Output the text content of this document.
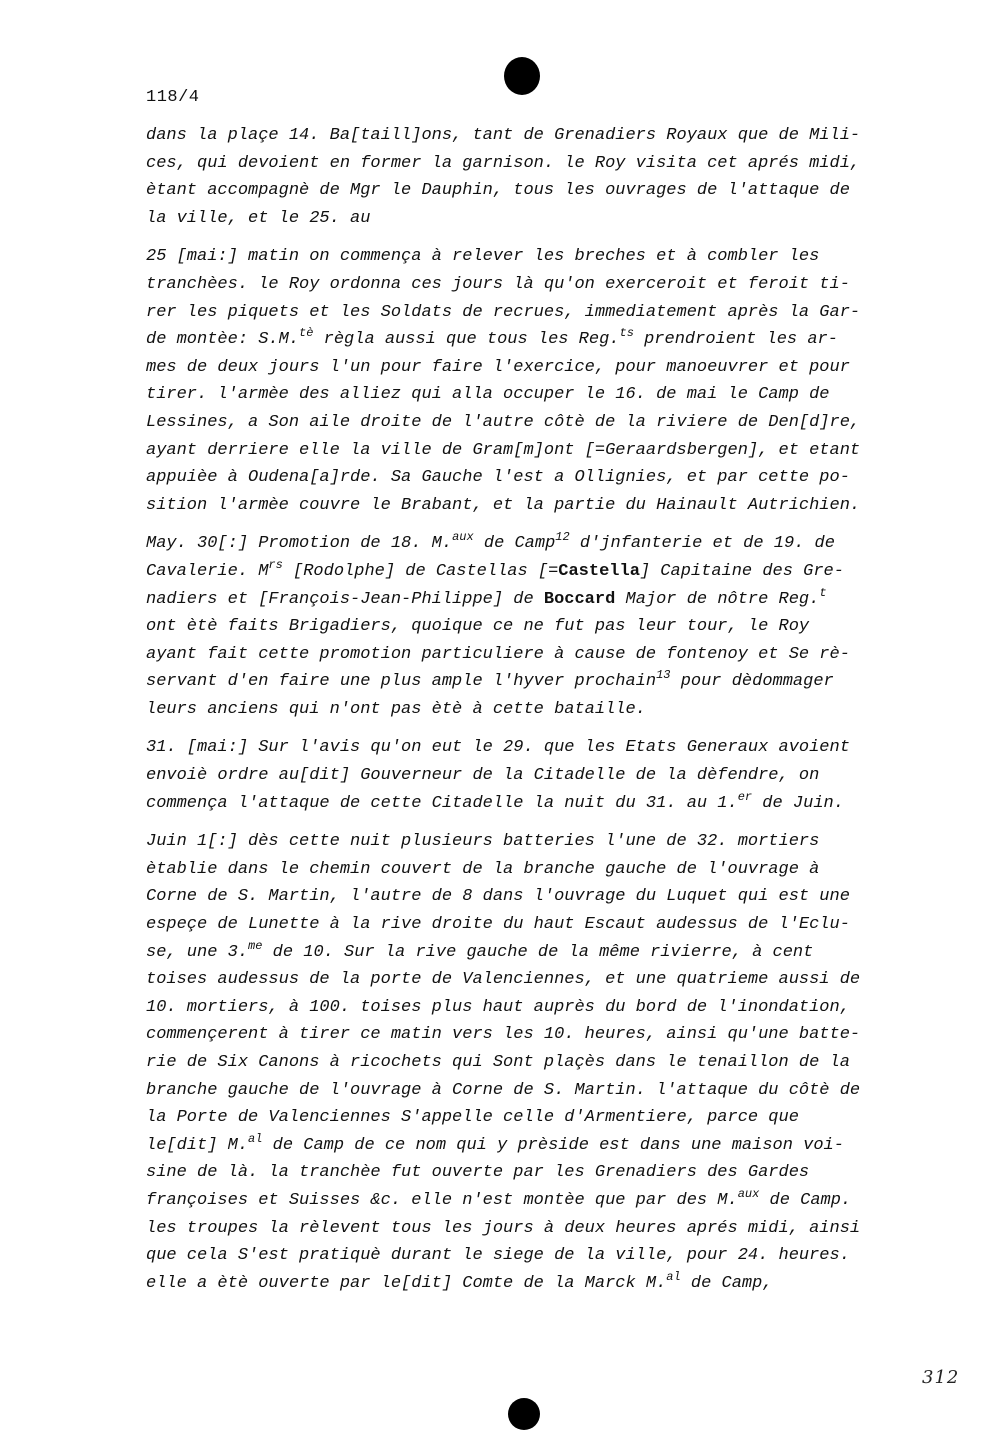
118/4
dans la plaçe 14. Ba[taill]ons, tant de Grenadiers Royaux que de Mili-
ces, qui devoient en former la garnison. le Roy visita cet aprés midi,
ètant accompagnè de Mgr le Dauphin, tous les ouvrages de l'attaque de
la ville, et le 25. au
25 [mai:] matin on commença à relever les breches et à combler les
tranchèes. le Roy ordonna ces jours là qu'on exerceroit et feroit ti-
rer les piquets et les Soldats de recrues, immediatement après la Gar-
de montèe: S.M.$^{tè}$ règla aussi que tous les Reg.$^{ts}$ prendroient les ar-
mes de deux jours l'un pour faire l'exercice, pour manoeuvrer et pour
tirer. l'armèe des alliez qui alla occuper le 16. de mai le Camp de
Lessines, a Son aile droite de l'autre côtè de la riviere de Den[d]re,
ayant derriere elle la ville de Gram[m]ont [=Geraardsbergen], et etant
appuièe à Oudena[a]rde. Sa Gauche l'est a Ollignies, et par cette po-
sition l'armèe couvre le Brabant, et la partie du Hainault Autrichien.
May. 30[:] Promotion de 18. M.$^{aux}$ de Camp$^{12}$ d'jnfanterie et de 19. de
Cavalerie. $M^{rs}$ [Rodolphe] de Castellas [=Castella] Capitaine des Gre-
nadiers et [François-Jean-Philippe] de Boccard Major de nôtre Reg.$^t$
ont ètè faits Brigadiers, quoique ce ne fut pas leur tour, le Roy
ayant fait cette promotion particuliere à cause de fontenoy et Se rè-
servant d'en faire une plus ample l'hyver prochain$^{13}$ pour dèdommager
leurs anciens qui n'ont pas ètè à cette bataille.
31. [mai:] Sur l'avis qu'on eut le 29. que les Etats Generaux avoient
envoiè ordre au[dit] Gouverneur de la Citadelle de la dèfendre, on
commença l'attaque de cette Citadelle la nuit du 31. au 1.$^{er}$ de Juin.
Juin 1[:] dès cette nuit plusieurs batteries l'une de 32. mortiers
ètablie dans le chemin couvert de la branche gauche de l'ouvrage à
Corne de S. Martin, l'autre de 8 dans l'ouvrage du Luquet qui est une
espeçe de Lunette à la rive droite du haut Escaut audessus de l'Eclu-
se, une 3.$^{me}$ de 10. Sur la rive gauche de la même rivierre, à cent
toises audessus de la porte de Valenciennes, et une quatrieme aussi de
10. mortiers, à 100. toises plus haut auprès du bord de l'inondation,
commençerent à tirer ce matin vers les 10. heures, ainsi qu'une batte-
rie de Six Canons à ricochets qui Sont plaçès dans le tenaillon de la
branche gauche de l'ouvrage à Corne de S. Martin. l'attaque du côtè de
la Porte de Valenciennes S'appelle celle d'Armentiere, parce que
le[dit] M.$^{al}$ de Camp de ce nom qui y prèside est dans une maison voi-
sine de là. la tranchèe fut ouverte par les Grenadiers des Gardes
françoises et Suisses &c. elle n'est montèe que par des M.$^{aux}$ de Camp.
les troupes la rèlevent tous les jours à deux heures aprés midi, ainsi
que cela S'est pratiquè durant le siege de la ville, pour 24. heures.
elle a ètè ouverte par le[dit] Comte de la Marck M.$^{al}$ de Camp,
312
